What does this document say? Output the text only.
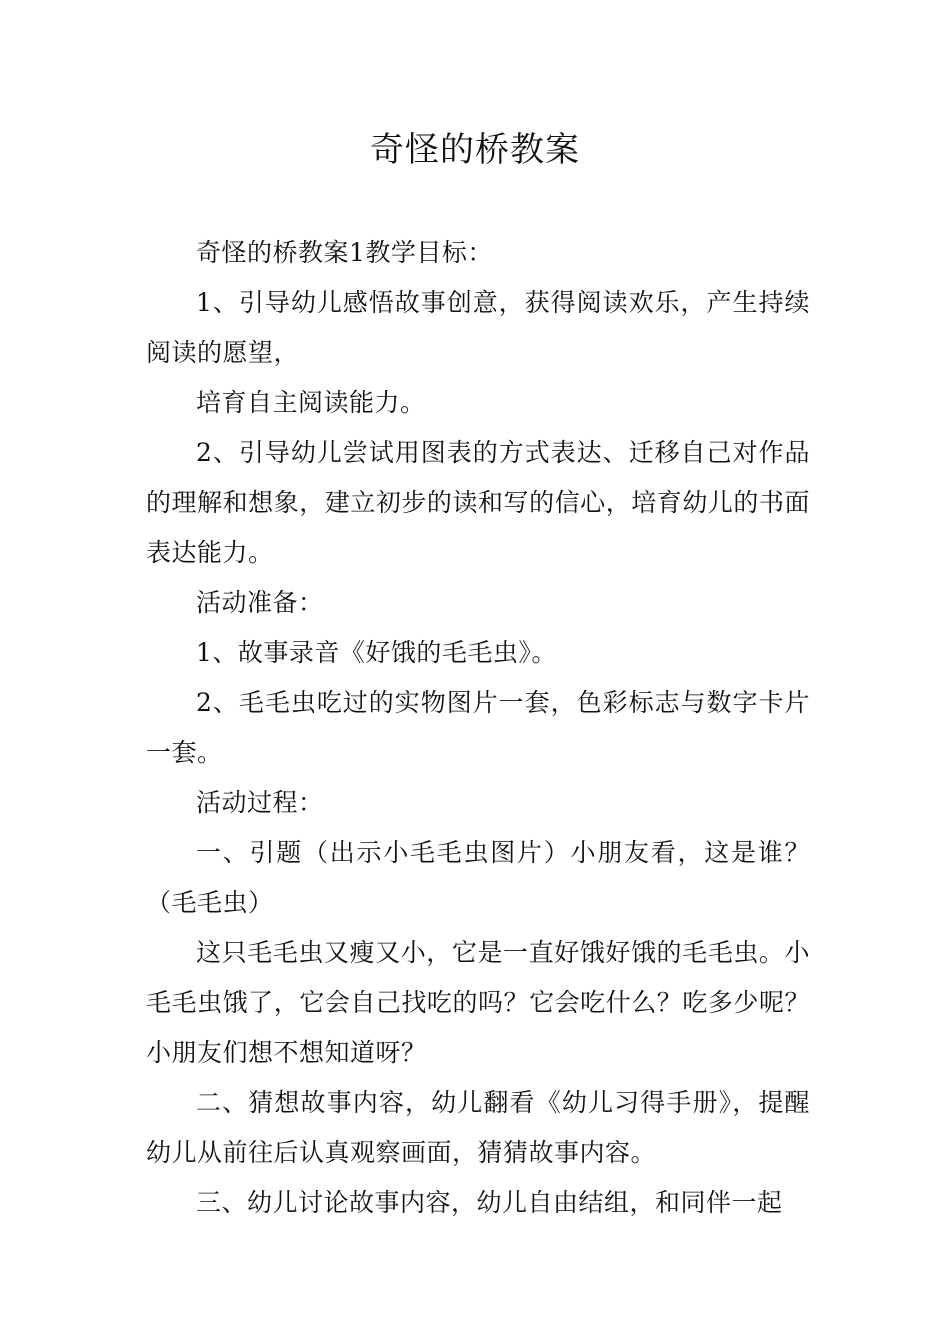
奇怪的桥教案

奇怪的桥教案1教学目标：

1、引导幼儿感悟故事创意，获得阅读欢乐，产生持续阅读的愿望，

培育自主阅读能力。

2、引导幼儿尝试用图表的方式表达、迁移自己对作品的理解和想象，建立初步的读和写的信心，培育幼儿的书面表达能力。

活动准备：

1、故事录音《好饿的毛毛虫》。

2、毛毛虫吃过的实物图片一套，色彩标志与数字卡片一套。

活动过程：

一、引题（出示小毛毛虫图片）小朋友看，这是谁？（毛毛虫）

这只毛毛虫又瘦又小，它是一直好饿好饿的毛毛虫。小毛毛虫饿了，它会自己找吃的吗？它会吃什么？吃多少呢？小朋友们想不想知道呀？

二、猜想故事内容，幼儿翻看《幼儿习得手册》，提醒幼儿从前往后认真观察画面，猜猜故事内容。

三、幼儿讨论故事内容，幼儿自由结组，和同伴一起
